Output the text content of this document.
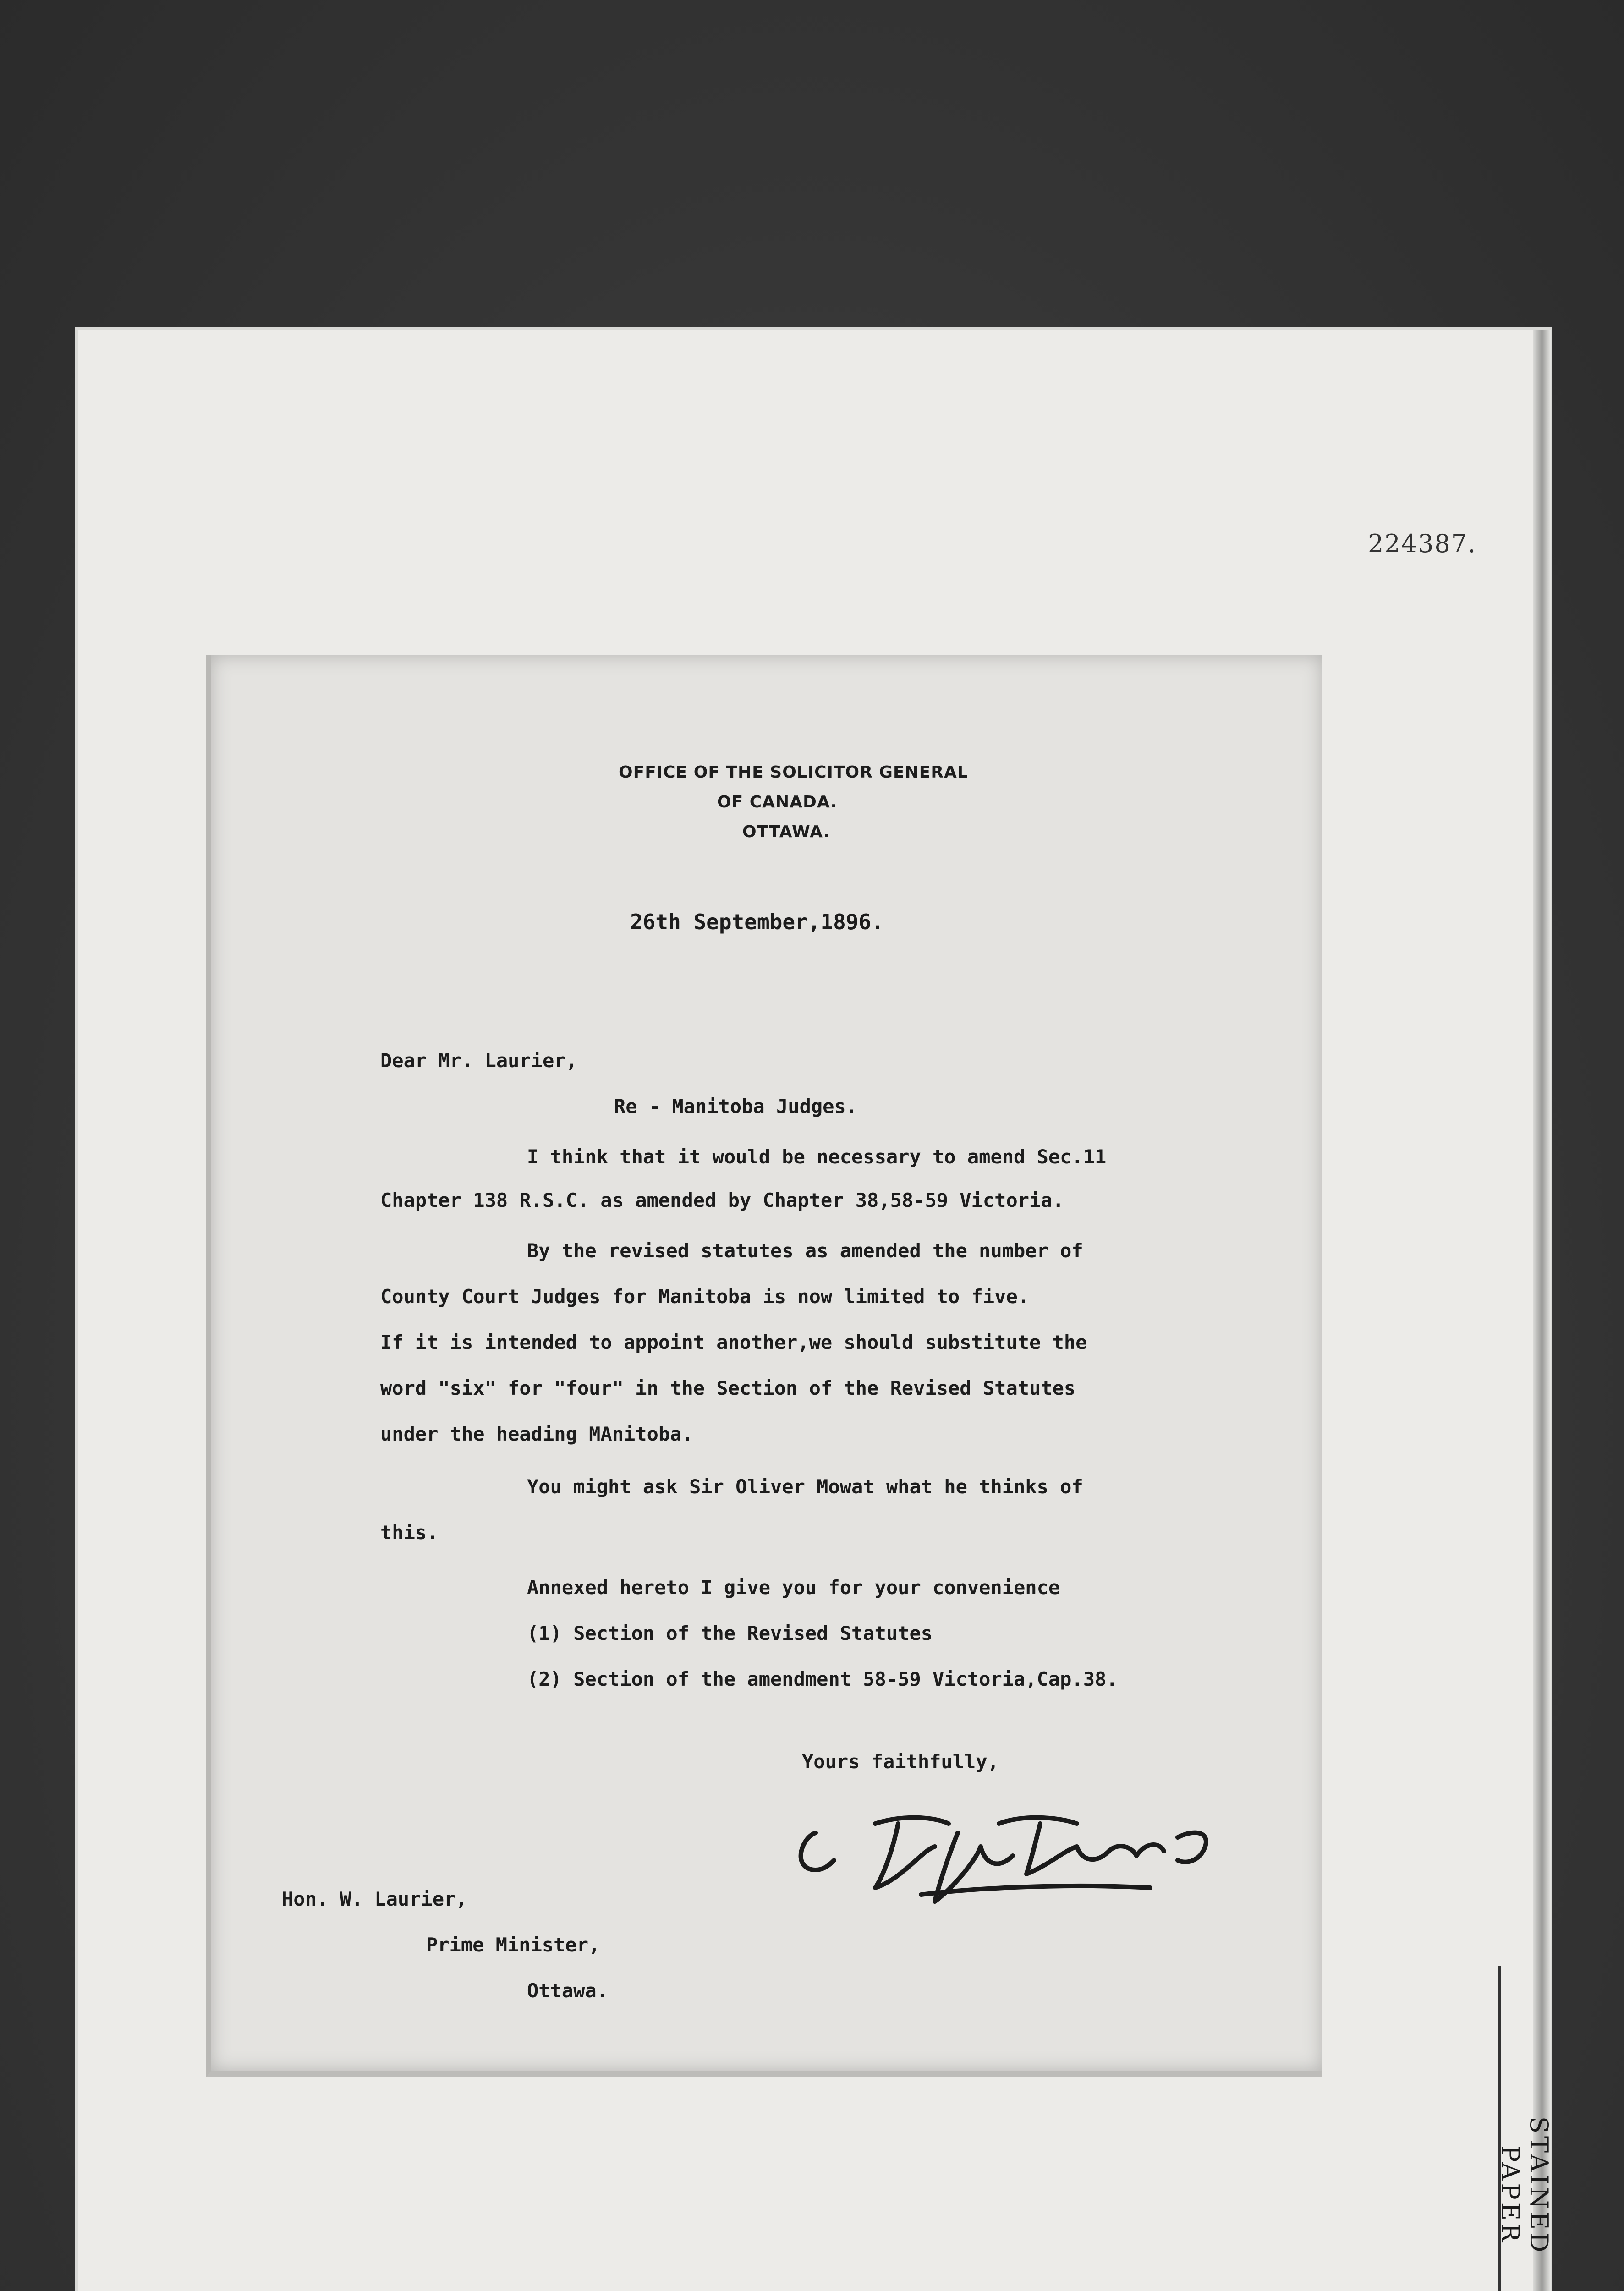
224387.
OFFICE OF THE SOLICITOR GENERAL
OF CANADA.
OTTAWA.
26th September,1896.
Dear Mr. Laurier,
Re - Manitoba Judges.
I think that it would be necessary to amend Sec.11
Chapter 138 R.S.C. as amended by Chapter 38,58-59 Victoria.
By the revised statutes as amended the number of
County Court Judges for Manitoba is now limited to five.
If it is intended to appoint another,we should substitute the
word "six" for "four" in the Section of the Revised Statutes
under the heading MAnitoba.
You might ask Sir Oliver Mowat what he thinks of
this.
Annexed hereto I give you for your convenience
(1) Section of the Revised Statutes
(2) Section of the amendment 58-59 Victoria,Cap.38.
Yours faithfully,
Hon. W. Laurier,
Prime Minister,
Ottawa.
STAINED
PAPER
